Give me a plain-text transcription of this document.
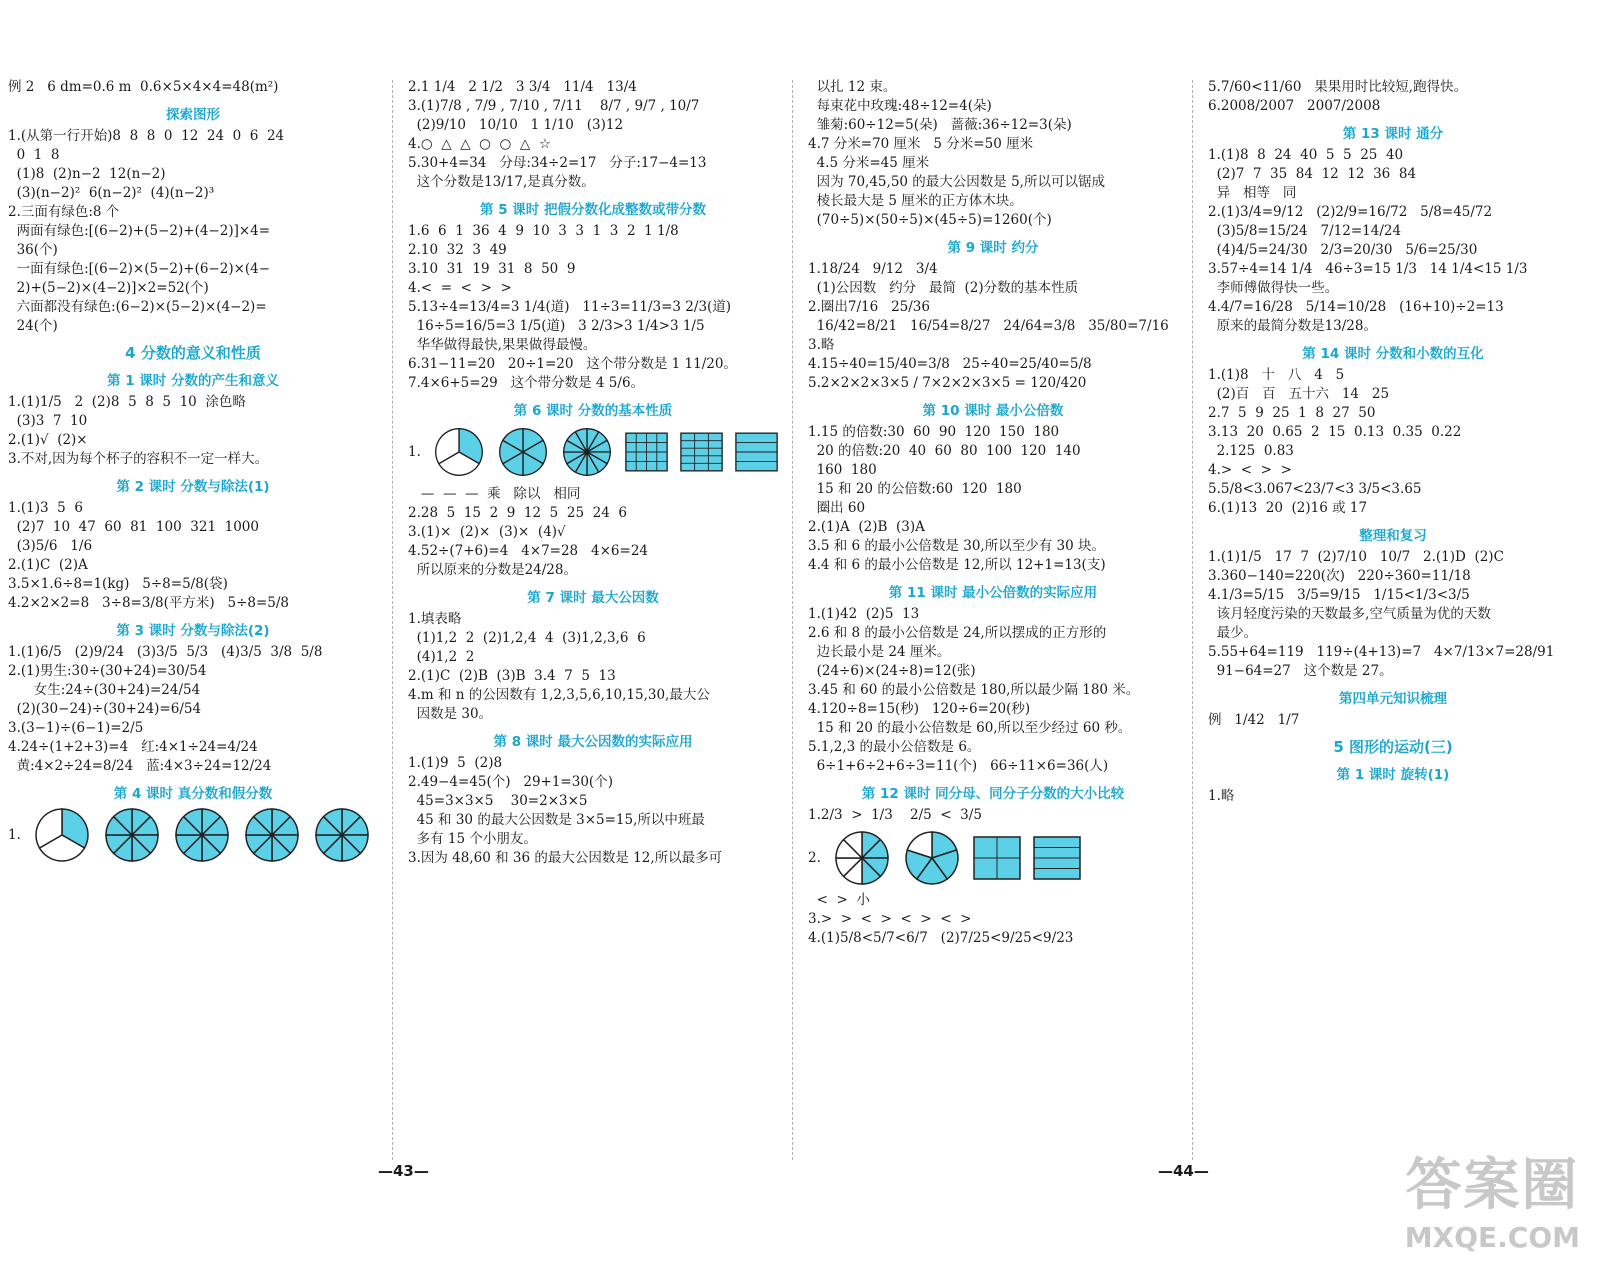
例 2   6 dm=0.6 m  0.6×5×4×4=48(m²)
探索图形
1.(从第一行开始)8  8  8  0  12  24  0  6  24
0  1  8
(1)8  (2)n−2  12(n−2)
(3)(n−2)²  6(n−2)²  (4)(n−2)³
2.三面有绿色:8 个
两面有绿色:[(6−2)+(5−2)+(4−2)]×4=
36(个)
一面有绿色:[(6−2)×(5−2)+(6−2)×(4−
2)+(5−2)×(4−2)]×2=52(个)
六面都没有绿色:(6−2)×(5−2)×(4−2)=
24(个)
4 分数的意义和性质
第 1 课时 分数的产生和意义
1.(1)1/5   2  (2)8  5  8  5  10  涂色略
(3)3  7  10
2.(1)√  (2)×
3.不对,因为每个杯子的容积不一定一样大。
第 2 课时 分数与除法(1)
1.(1)3  5  6
(2)7  10  47  60  81  100  321  1000
(3)5/6   1/6
2.(1)C  (2)A
3.5×1.6÷8=1(kg)   5÷8=5/8(袋)
4.2×2×2=8   3÷8=3/8(平方米)   5÷8=5/8
第 3 课时 分数与除法(2)
1.(1)6/5   (2)9/24   (3)3/5  5/3   (4)3/5  3/8  5/8
2.(1)男生:30÷(30+24)=30/54
女生:24÷(30+24)=24/54
(2)(30−24)÷(30+24)=6/54
3.(3−1)÷(6−1)=2/5
4.24÷(1+2+3)=4   红:4×1÷24=4/24
黄:4×2÷24=8/24   蓝:4×3÷24=12/24
第 4 课时 真分数和假分数
1.
2.1 1/4   2 1/2   3 3/4   11/4   13/4
3.(1)7/8 , 7/9 , 7/10 , 7/11    8/7 , 9/7 , 10/7
(2)9/10   10/10   1 1/10   (3)12
4.○  △  △  ○  ○  △  ☆
5.30+4=34   分母:34÷2=17   分子:17−4=13
这个分数是13/17,是真分数。
第 5 课时 把假分数化成整数或带分数
1.6  6  1  36  4  9  10  3  3  1  3  2  1 1/8
2.10  32  3  49
3.10  31  19  31  8  50  9
4.<  =  <  >  >
5.13÷4=13/4=3 1/4(道)   11÷3=11/3=3 2/3(道)
16÷5=16/5=3 1/5(道)   3 2/3>3 1/4>3 1/5
华华做得最快,果果做得最慢。
6.31−11=20   20÷1=20   这个带分数是 1 11/20。
7.4×6+5=29   这个带分数是 4 5/6。
第 6 课时 分数的基本性质
1.
—  —  —  乘   除以   相同
2.28  5  15  2  9  12  5  25  24  6
3.(1)×  (2)×  (3)×  (4)√
4.52÷(7+6)=4   4×7=28   4×6=24
所以原来的分数是24/28。
第 7 课时 最大公因数
1.填表略
(1)1,2  2  (2)1,2,4  4  (3)1,2,3,6  6
(4)1,2  2
2.(1)C  (2)B  (3)B  3.4  7  5  13
4.m 和 n 的公因数有 1,2,3,5,6,10,15,30,最大公
因数是 30。
第 8 课时 最大公因数的实际应用
1.(1)9  5  (2)8
2.49−4=45(个)   29+1=30(个)
45=3×3×5    30=2×3×5
45 和 30 的最大公因数是 3×5=15,所以中班最
多有 15 个小朋友。
3.因为 48,60 和 36 的最大公因数是 12,所以最多可
以扎 12 束。
每束花中玫瑰:48÷12=4(朵)
雏菊:60÷12=5(朵)   蔷薇:36÷12=3(朵)
4.7 分米=70 厘米   5 分米=50 厘米
4.5 分米=45 厘米
因为 70,45,50 的最大公因数是 5,所以可以锯成
棱长最大是 5 厘米的正方体木块。
(70÷5)×(50÷5)×(45÷5)=1260(个)
第 9 课时 约分
1.18/24   9/12   3/4
(1)公因数   约分   最简  (2)分数的基本性质
2.圈出7/16   25/36
16/42=8/21   16/54=8/27   24/64=3/8   35/80=7/16
3.略
4.15÷40=15/40=3/8   25÷40=25/40=5/8
5.2×2×2×3×5 / 7×2×2×3×5 = 120/420
第 10 课时 最小公倍数
1.15 的倍数:30  60  90  120  150  180
20 的倍数:20  40  60  80  100  120  140
160  180
15 和 20 的公倍数:60  120  180
圈出 60
2.(1)A  (2)B  (3)A
3.5 和 6 的最小公倍数是 30,所以至少有 30 块。
4.4 和 6 的最小公倍数是 12,所以 12+1=13(支)
第 11 课时 最小公倍数的实际应用
1.(1)42  (2)5  13
2.6 和 8 的最小公倍数是 24,所以摆成的正方形的
边长最小是 24 厘米。
(24÷6)×(24÷8)=12(张)
3.45 和 60 的最小公倍数是 180,所以最少隔 180 米。
4.120÷8=15(秒)   120÷6=20(秒)
15 和 20 的最小公倍数是 60,所以至少经过 60 秒。
5.1,2,3 的最小公倍数是 6。
6÷1+6÷2+6÷3=11(个)   66÷11×6=36(人)
第 12 课时 同分母、同分子分数的大小比较
1.2/3  >  1/3    2/5  <  3/5
2.
<  >  小
3.>  >  <  >  <  >  <  >
4.(1)5/8<5/7<6/7   (2)7/25<9/25<9/23
5.7/60<11/60   果果用时比较短,跑得快。
6.2008/2007   2007/2008
第 13 课时 通分
1.(1)8  8  24  40  5  5  25  40
(2)7  7  35  84  12  12  36  84
异   相等   同
2.(1)3/4=9/12   (2)2/9=16/72   5/8=45/72
(3)5/8=15/24   7/12=14/24
(4)4/5=24/30   2/3=20/30   5/6=25/30
3.57÷4=14 1/4   46÷3=15 1/3   14 1/4<15 1/3
李师傅做得快一些。
4.4/7=16/28   5/14=10/28   (16+10)÷2=13
原来的最简分数是13/28。
第 14 课时 分数和小数的互化
1.(1)8   十   八   4   5
(2)百   百   五十六   14   25
2.7  5  9  25  1  8  27  50
3.13  20  0.65  2  15  0.13  0.35  0.22
2.125  0.83
4.>  <  >  >
5.5/8<3.067<23/7<3 3/5<3.65
6.(1)13  20  (2)16 或 17
整理和复习
1.(1)1/5   17  7  (2)7/10   10/7   2.(1)D  (2)C
3.360−140=220(次)   220÷360=11/18
4.1/3=5/15   3/5=9/15   1/15<1/3<3/5
该月轻度污染的天数最多,空气质量为优的天数
最少。
5.55+64=119   119÷(4+13)=7   4×7/13×7=28/91
91−64=27   这个数是 27。
第四单元知识梳理
例   1/42   1/7
5 图形的运动(三)
第 1 课时 旋转(1)
1.略
—43—	—44—	答案圈
MXQE.COM
